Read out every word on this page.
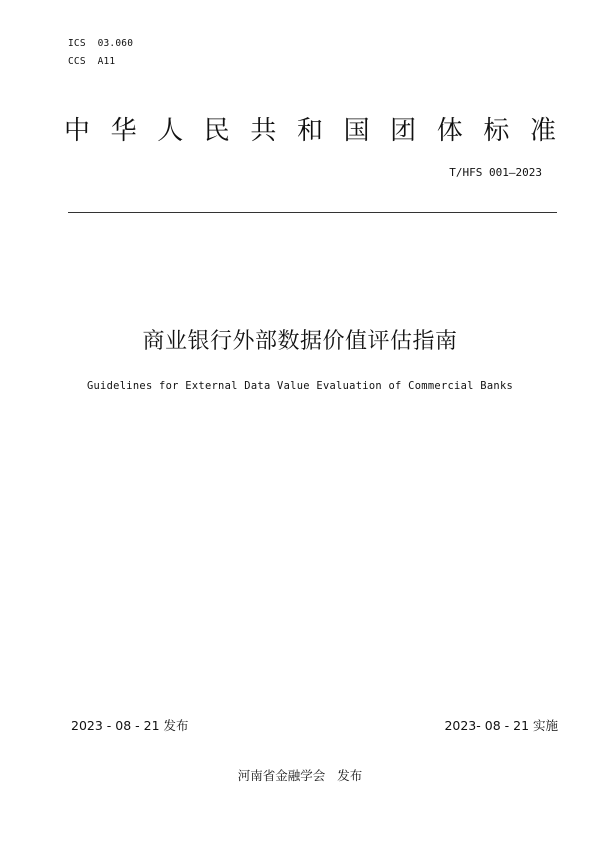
ICS  03.060
CCS  A11
中 华 人 民 共 和 国 团 体 标 准
T/HFS 001—2023
商业银行外部数据价值评估指南
Guidelines for External Data Value Evaluation of Commercial Banks
2023 - 08 - 21 发布	2023- 08 - 21 实施
河南省金融学会   发布
